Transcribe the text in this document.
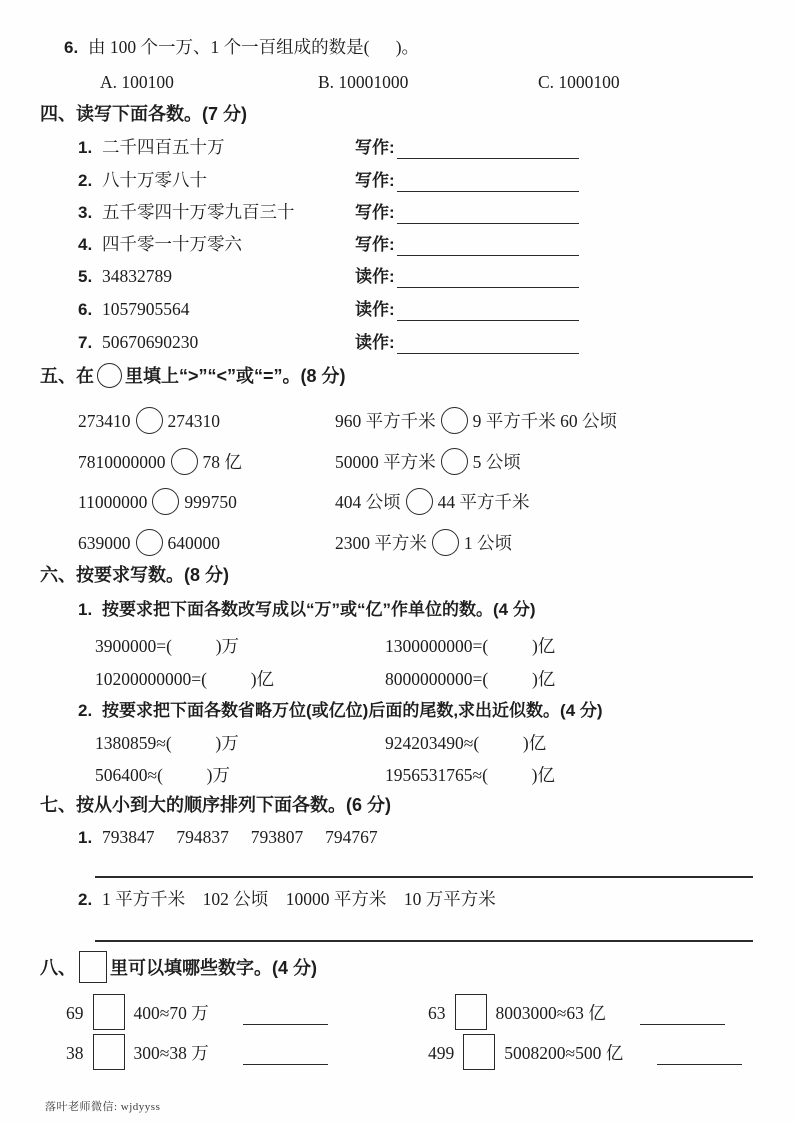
6. 由 100 个一万、1 个一百组成的数是(      )。
A. 100100	B. 10001000	C. 1000100
四、读写下面各数。(7 分)
1. 二千四百五十万	写作:
2. 八十万零八十	写作:
3. 五千零四十万零九百三十	写作:
4. 四千零一十万零六	写作:
5. 34832789	读作:
6. 1057905564	读作:
7. 50670690230	读作:
五、在 里填上“>”“<”或“=”。(8 分)
273410 274310	960 平方千米 9 平方千米 60 公顷
7810000000 78 亿	50000 平方米 5 公顷
11000000 999750	404 公顷 44 平方千米
639000 640000	2300 平方米 1 公顷
六、按要求写数。(8 分)
1. 按要求把下面各数改写成以“万”或“亿”作单位的数。(4 分)
3900000=(          )万	1300000000=(          )亿
10200000000=(          )亿	8000000000=(          )亿
2. 按要求把下面各数省略万位(或亿位)后面的尾数,求出近似数。(4 分)
1380859≈(          )万	924203490≈(          )亿
506400≈(          )万	1956531765≈(          )亿
七、按从小到大的顺序排列下面各数。(6 分)
1. 793847     794837     793807     794767
2. 1 平方千米    102 公顷    10000 平方米    10 万平方米
八、 里可以填哪些数字。(4 分)
69	400≈70 万	63	8003000≈63 亿
38	300≈38 万	499	5008200≈500 亿
落叶老师微信: wjdyyss
